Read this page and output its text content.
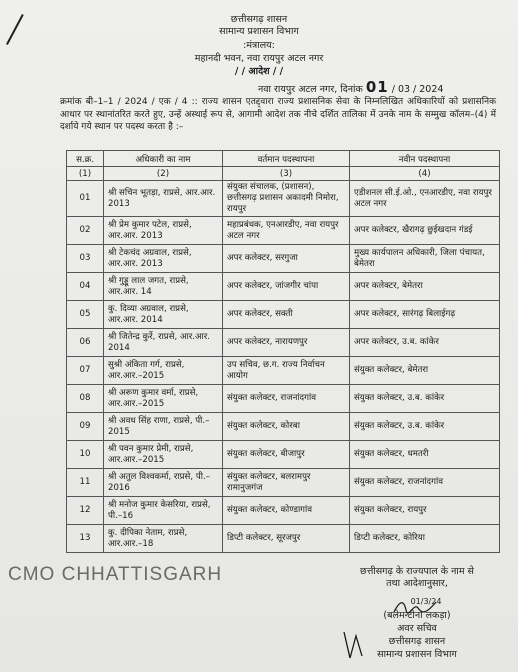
छत्तीसगढ़ शासन
सामान्य प्रशासन विभाग
:मंत्रालय:
महानदी भवन, नवा रायपुर अटल नगर
/ / आदेश / /
नवा रायपुर अटल नगर, दिनांक 01 / 03 / 2024
क्रमांक बी–1–1 / 2024 / एक / 4 :: राज्य शासन एतद्द्वारा राज्य प्रशासनिक सेवा के निम्नलिखित अधिकारियों को प्रशासनिक आधार पर स्थानांतरित करते हुए, उन्हें अस्थाई रूप से, आगामी आदेश तक नीचे दर्शित तालिका में उनके नाम के सम्मुख कॉलम–(4) में दर्शाये गये स्थान पर पदस्थ करता है :–
स.क्र.	अधिकारी का नाम	वर्तमान पदस्थापना	नवीन पदस्थापना
(1)	(2)	(3)	(4)
01	श्री सचिन भूतड़ा, राप्रसे, आर.आर. 2013	संयुक्त संचालक, (प्रशासन), छत्तीसगढ़ प्रशासन अकादमी निमोरा, रायपुर	एडीशनल सी.ई.ओ., एनआरडीए, नवा रायपुर अटल नगर
02	श्री प्रेम कुमार पटेल, राप्रसे, आर.आर. 2013	महाप्रबंधक, एनआरडीए, नवा रायपुर अटल नगर	अपर कलेक्टर, खैरागढ़ छुईखदान गंडई
03	श्री टेकचंद अग्रवाल, राप्रसे, आर.आर. 2013	अपर कलेक्टर, सरगुजा	मुख्य कार्यपालन अधिकारी, जिला पंचायत, बेमेतरा
04	श्री गुड्डू लाल जगत, राप्रसे, आर.आर. 14	अपर कलेक्टर, जांजगीर चांपा	अपर कलेक्टर, बेमेतरा
05	कु. दिव्या अग्रवाल, राप्रसे, आर.आर. 2014	अपर कलेक्टर, सक्ती	अपर कलेक्टर, सारंगढ़ बिलाईगढ़
06	श्री जितेन्द्र कुर्रे, राप्रसे, आर.आर. 2014	अपर कलेक्टर, नारायणपुर	अपर कलेक्टर, उ.ब. कांकेर
07	सुश्री अंकिता गर्ग, राप्रसे, आर.आर.–2015	उप सचिव, छ.ग. राज्य निर्वाचन आयोग	संयुक्त कलेक्टर, बेमेतरा
08	श्री अरूण कुमार वर्मा, राप्रसे, आर.आर.–2015	संयुक्त कलेक्टर, राजनांदगांव	संयुक्त कलेक्टर, उ.ब. कांकेर
09	श्री अवध सिंह राणा, राप्रसे, पी.–2015	संयुक्त कलेक्टर, कोरबा	संयुक्त कलेक्टर, उ.ब. कांकेर
10	श्री पवन कुमार प्रेमी, राप्रसे, आर.आर.–2015	संयुक्त कलेक्टर, बीजापुर	संयुक्त कलेक्टर, धमतरी
11	श्री अतुल विश्वकर्मा, राप्रसे, पी.–2016	संयुक्त कलेक्टर, बलरामपुर रामानुजगंज	संयुक्त कलेक्टर, राजनांदगांव
12	श्री मनोज कुमार केसरिया, राप्रसे, पी.–16	संयुक्त कलेक्टर, कोण्डागांव	संयुक्त कलेक्टर, रायपुर
13	कु. दीपिका नेताम, राप्रसे, आर.आर.–18	डिप्टी कलेक्टर, सूरजपुर	डिप्टी कलेक्टर, कोरिया
CMO CHHATTISGARH	छत्तीसगढ़ के राज्यपाल के नाम से
तथा आदेशानुसार,
01/3/24
(बलेमन्टीना लकड़ा)
अवर सचिव
छत्तीसगढ़ शासन
सामान्य प्रशासन विभाग
